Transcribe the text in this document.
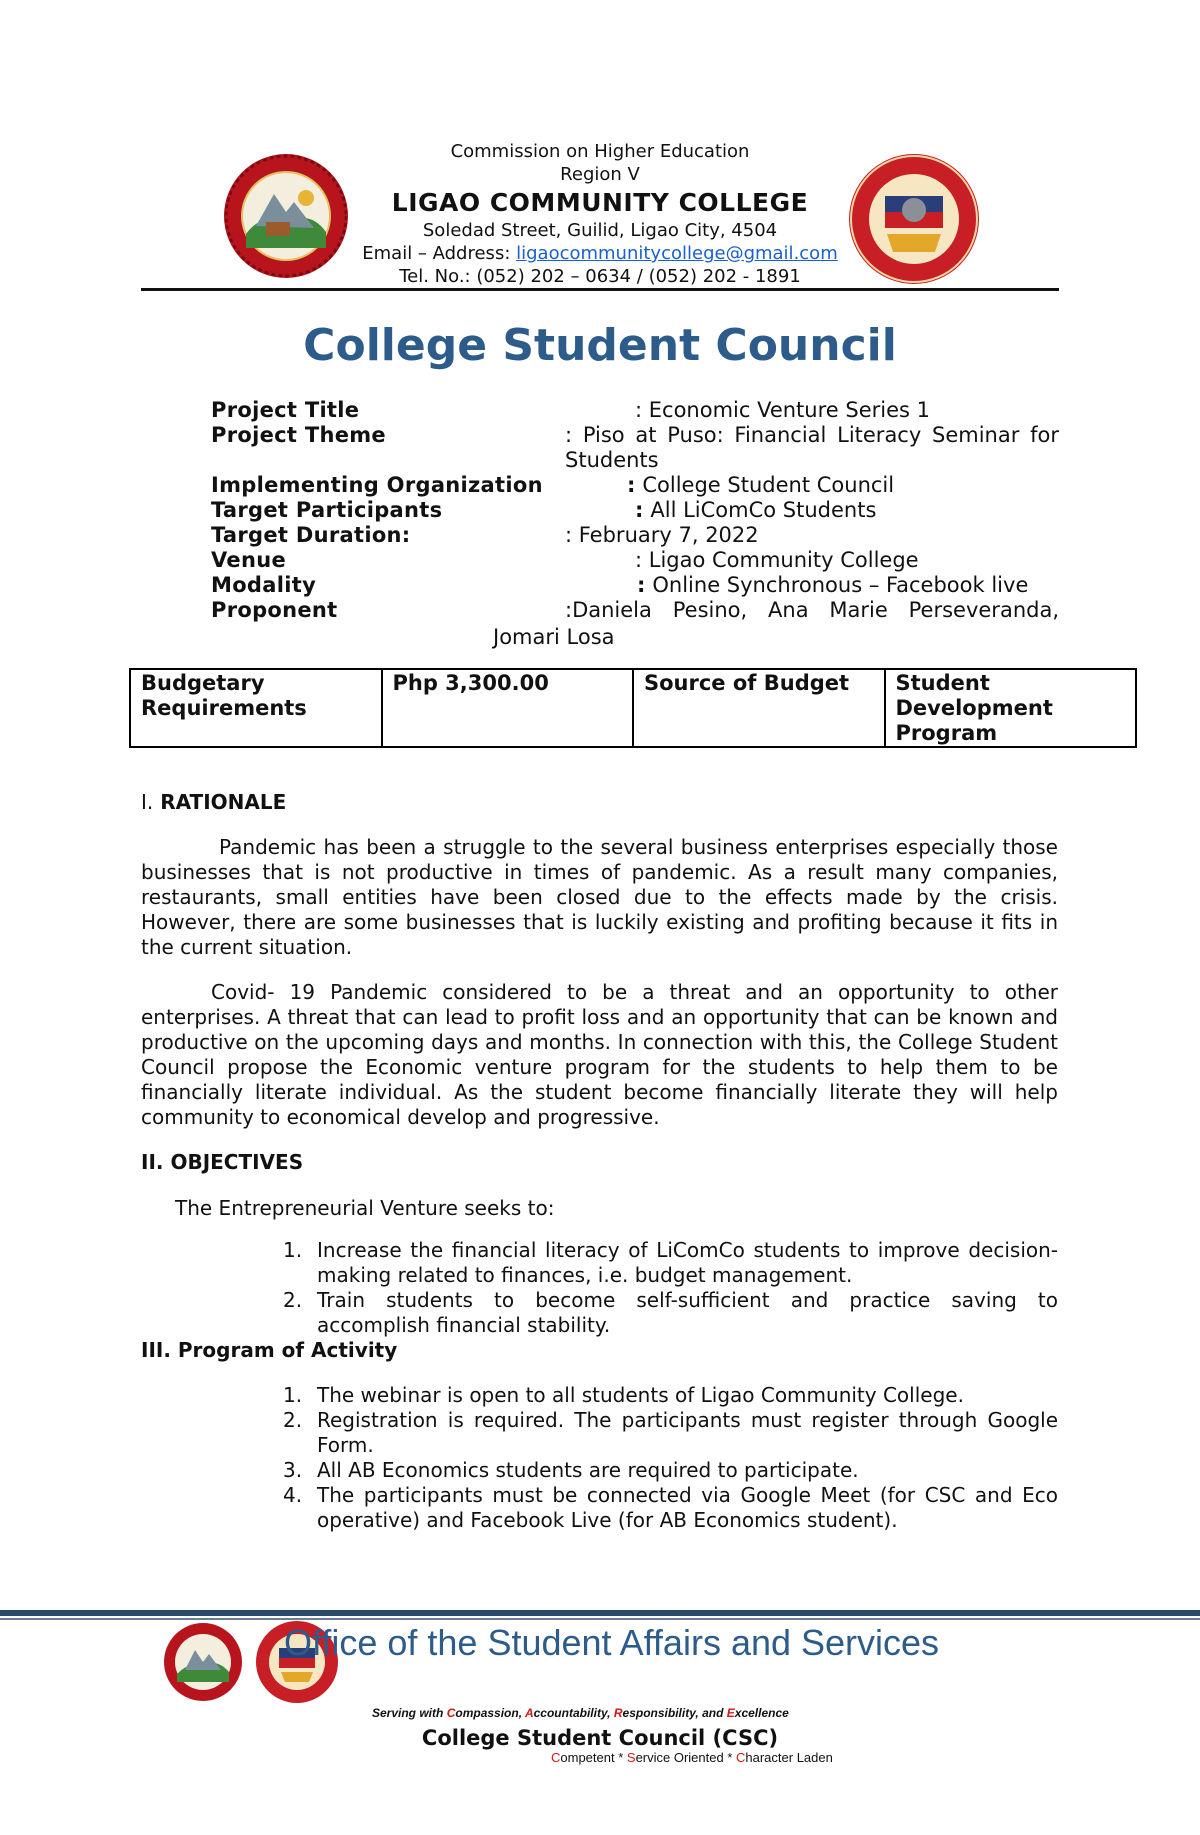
Commission on Higher Education
Region V
LIGAO COMMUNITY COLLEGE
Soledad Street, Guilid, Ligao City, 4504
Email – Address: ligaocommunitycollege@gmail.com
Tel. No.: (052) 202 – 0634 / (052) 202 - 1891
College Student Council
Project Title	: Economic Venture Series 1
Project Theme	: Piso at Puso: Financial Literacy Seminar for
Students
Implementing Organization	: College Student Council
Target Participants	: All LiComCo Students
Target Duration:	: February 7, 2022
Venue	: Ligao Community College
Modality	: Online Synchronous – Facebook live
Proponent	:Daniela Pesino, Ana Marie Perseveranda,
Jomari Losa
Budgetary Requirements	Php 3,300.00	Source of Budget	Student Development Program
I. RATIONALE
Pandemic has been a struggle to the several business enterprises especially those businesses that is not productive in times of pandemic. As a result many companies, restaurants, small entities have been closed due to the effects made by the crisis. However, there are some businesses that is luckily existing and profiting because it fits in the current situation.
Covid- 19 Pandemic considered to be a threat and an opportunity to other enterprises. A threat that can lead to profit loss and an opportunity that can be known and productive on the upcoming days and months. In connection with this, the College Student Council propose the Economic venture program for the students to help them to be financially literate individual. As the student become financially literate they will help community to economical develop and progressive.
II. OBJECTIVES
The Entrepreneurial Venture seeks to:
1. Increase the financial literacy of LiComCo students to improve decision-making related to finances, i.e. budget management.
2. Train students to become self-sufficient and practice saving to accomplish financial stability.
III. Program of Activity
1. The webinar is open to all students of Ligao Community College.
2. Registration is required. The participants must register through Google Form.
3. All AB Economics students are required to participate.
4. The participants must be connected via Google Meet (for CSC and Eco operative) and Facebook Live (for AB Economics student).
Office of the Student Affairs and Services
Serving with Compassion, Accountability, Responsibility, and Excellence
College Student Council (CSC)
Competent * Service Oriented * Character Laden
